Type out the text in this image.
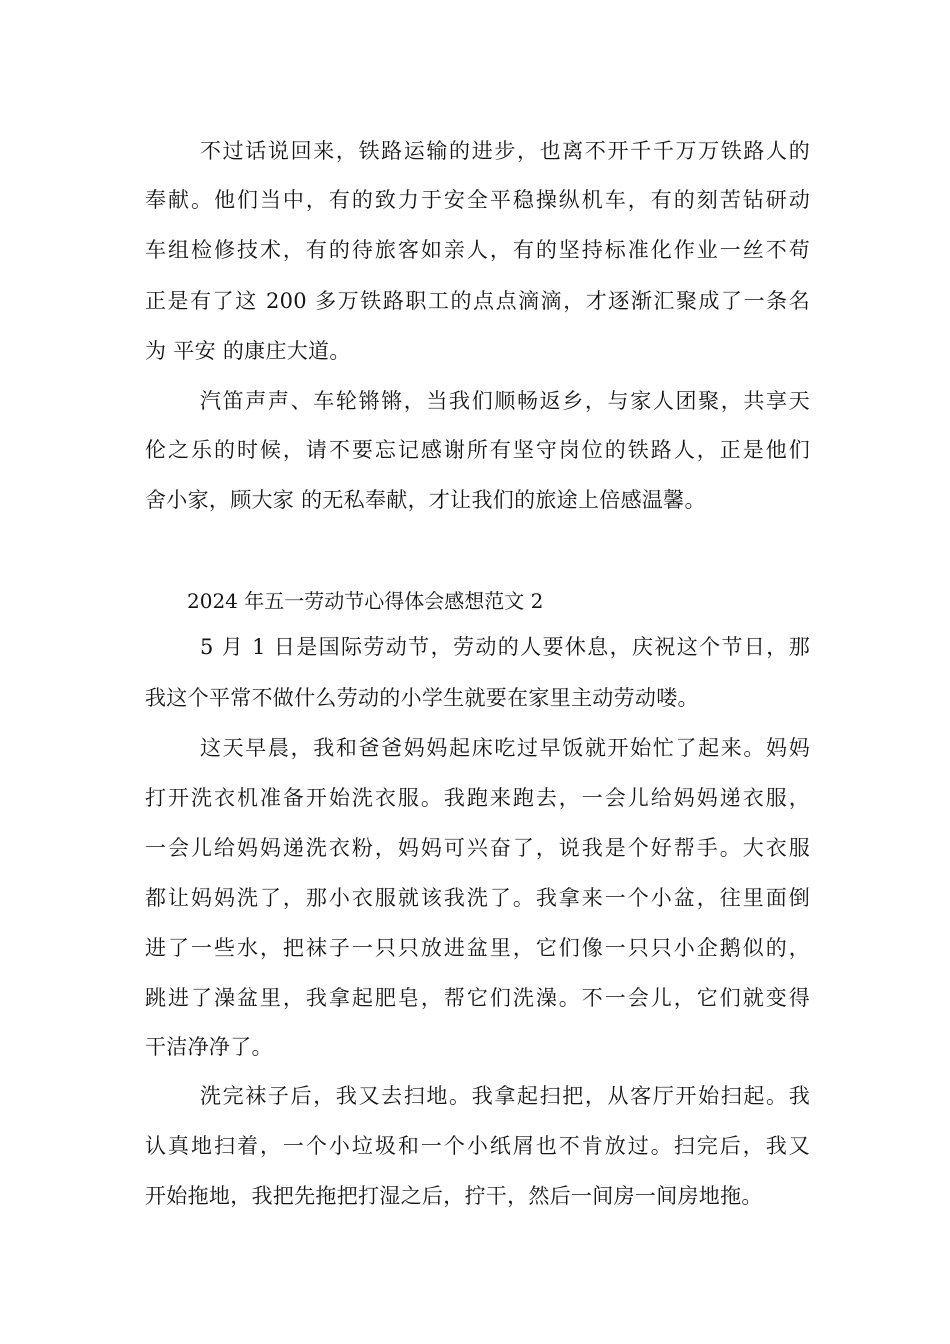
不过话说回来，铁路运输的进步，也离不开千千万万铁路人的

奉献。他们当中，有的致力于安全平稳操纵机车，有的刻苦钻研动

车组检修技术，有的待旅客如亲人，有的坚持标准化作业一丝不苟

正是有了这 200 多万铁路职工的点点滴滴，才逐渐汇聚成了一条名

为 平安 的康庄大道。

汽笛声声、车轮锵锵，当我们顺畅返乡，与家人团聚，共享天

伦之乐的时候，请不要忘记感谢所有坚守岗位的铁路人，正是他们

舍小家，顾大家 的无私奉献，才让我们的旅途上倍感温馨。

2024 年五一劳动节心得体会感想范文 2

5 月 1 日是国际劳动节，劳动的人要休息，庆祝这个节日，那

我这个平常不做什么劳动的小学生就要在家里主动劳动喽。

这天早晨，我和爸爸妈妈起床吃过早饭就开始忙了起来。妈妈

打开洗衣机准备开始洗衣服。我跑来跑去，一会儿给妈妈递衣服，

一会儿给妈妈递洗衣粉，妈妈可兴奋了，说我是个好帮手。大衣服

都让妈妈洗了，那小衣服就该我洗了。我拿来一个小盆，往里面倒

进了一些水，把袜子一只只放进盆里，它们像一只只小企鹅似的，

跳进了澡盆里，我拿起肥皂，帮它们洗澡。不一会儿，它们就变得

干洁净净了。

洗完袜子后，我又去扫地。我拿起扫把，从客厅开始扫起。我

认真地扫着，一个小垃圾和一个小纸屑也不肯放过。扫完后，我又

开始拖地，我把先拖把打湿之后，拧干，然后一间房一间房地拖。
